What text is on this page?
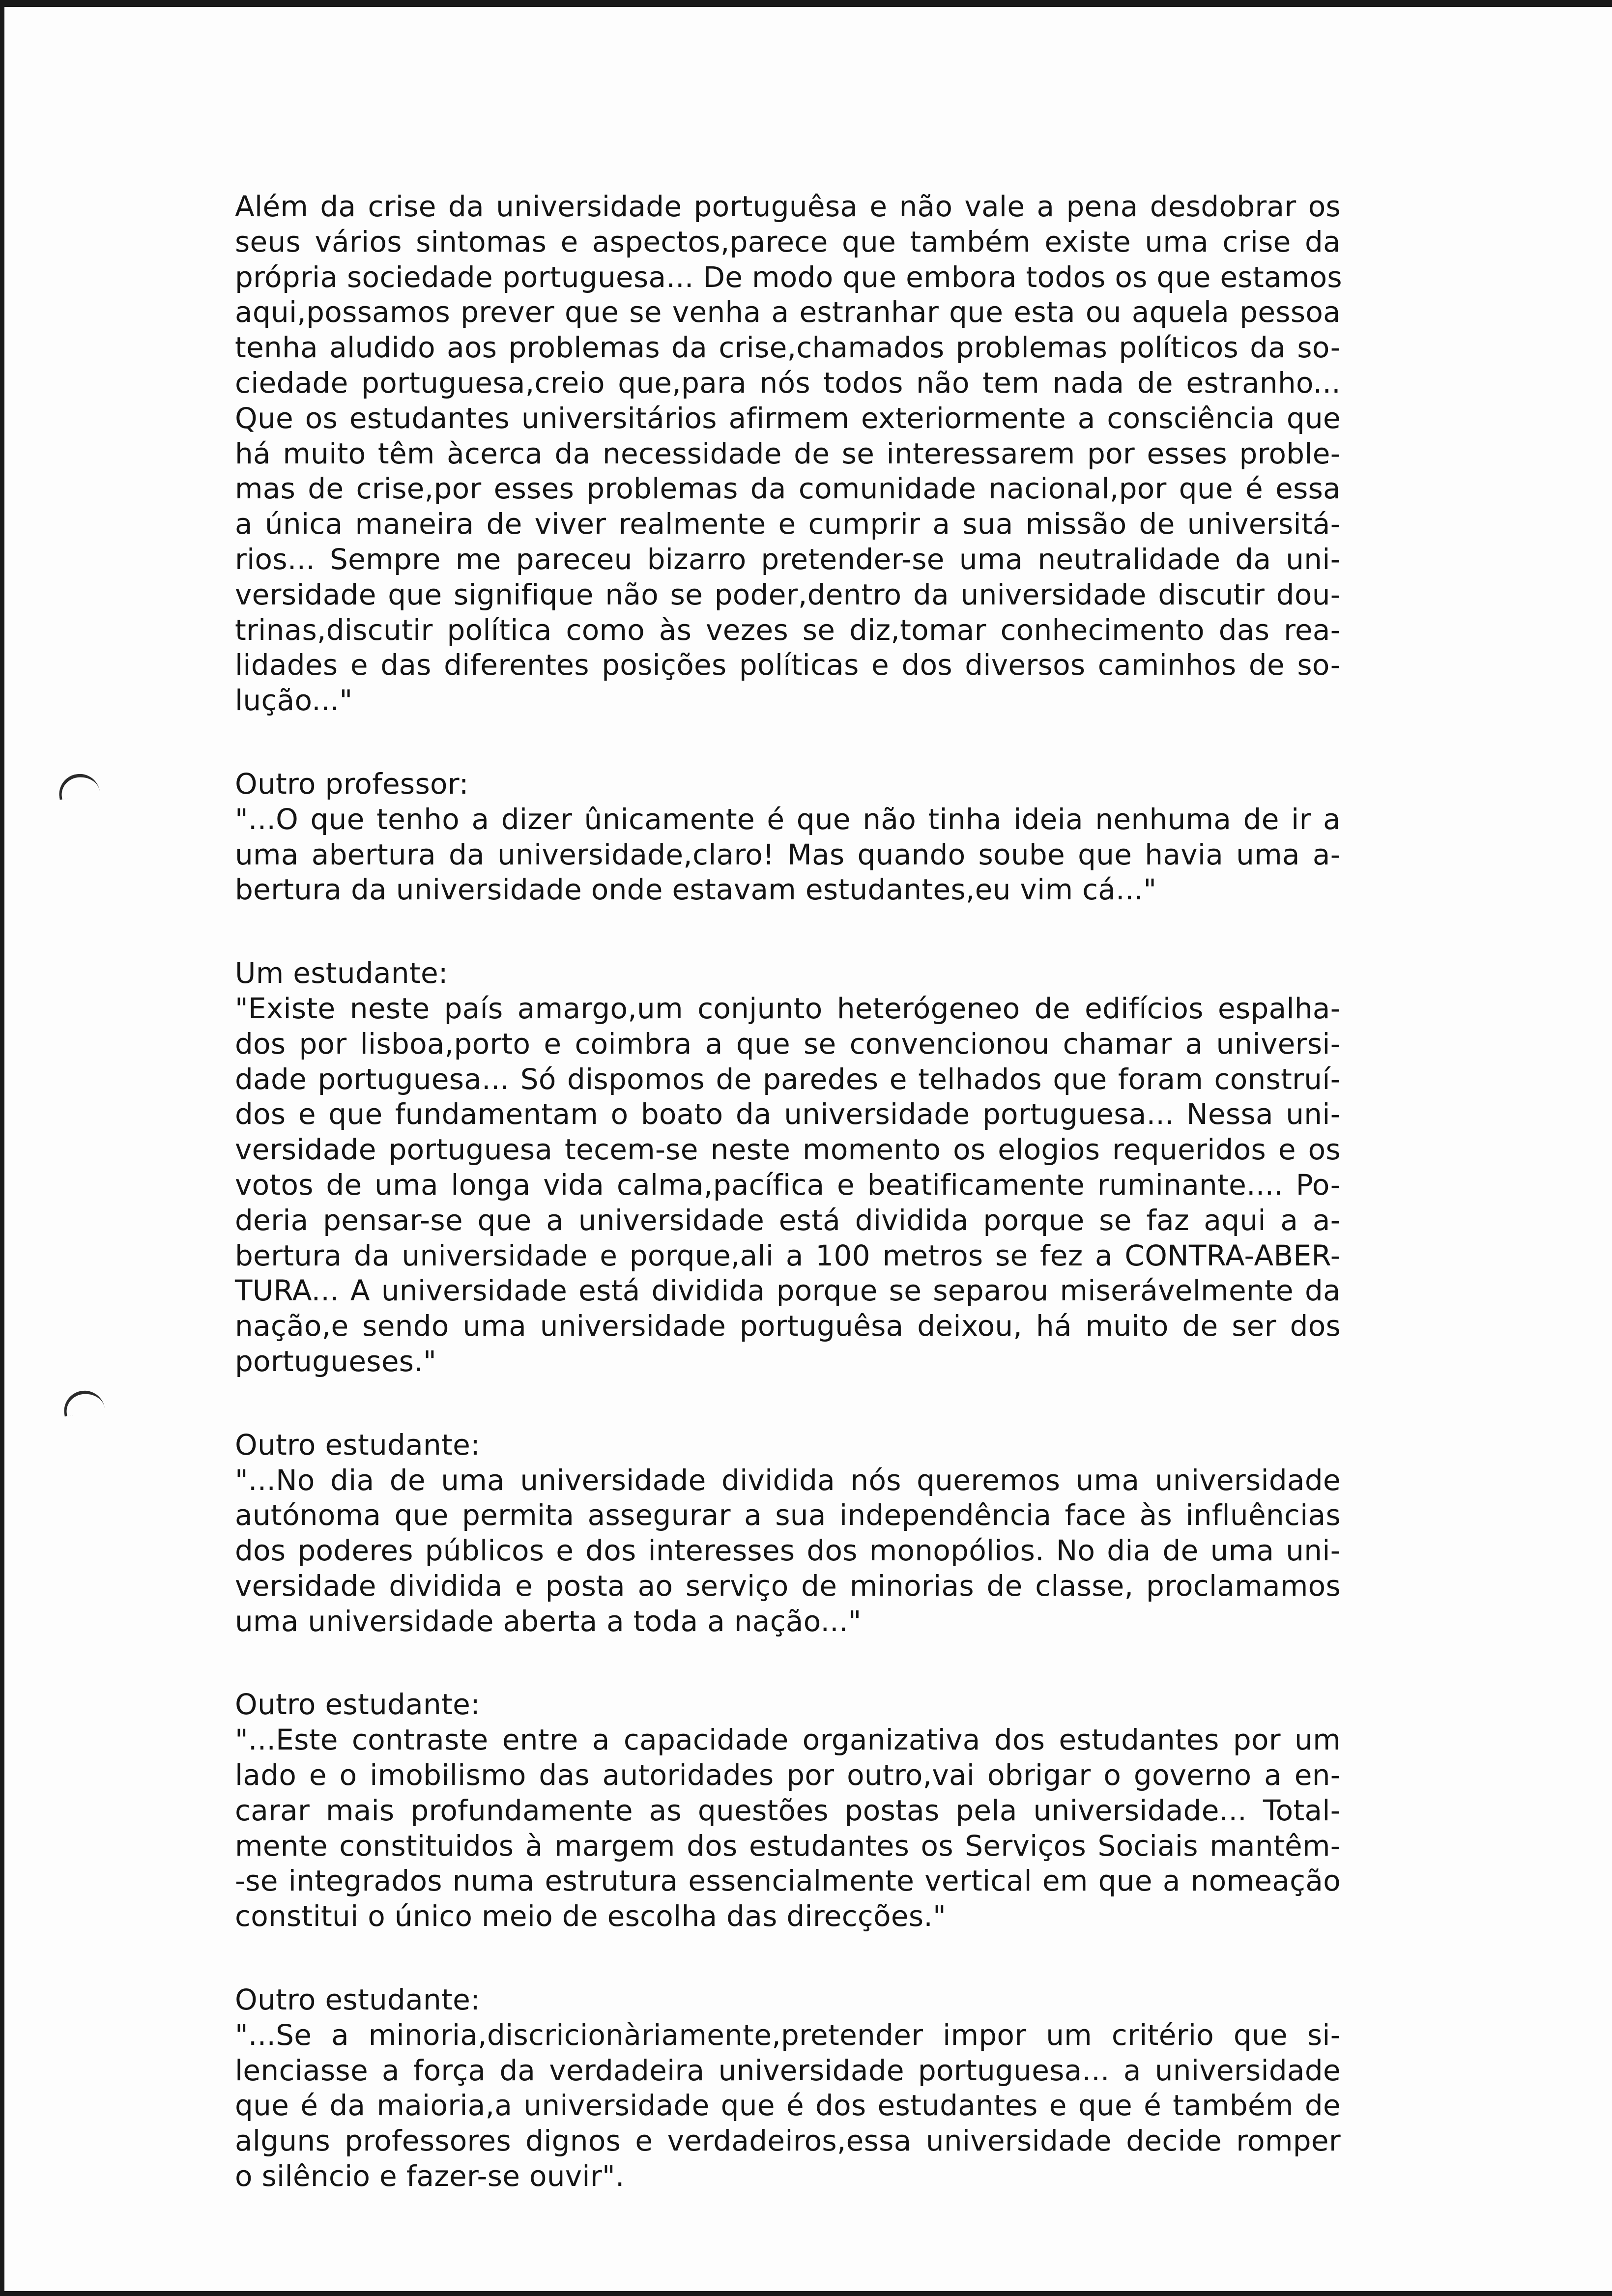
Além da crise da universidade portuguêsa e não vale a pena desdobrar os
seus vários sintomas e aspectos,parece que também existe uma crise da
própria sociedade portuguesa... De modo que embora todos os que estamos
aqui,possamos prever que se venha a estranhar que esta ou aquela pessoa
tenha aludido aos problemas da crise,chamados problemas políticos da so-
ciedade portuguesa,creio que,para nós todos não tem nada de estranho...
Que os estudantes universitários afirmem exteriormente a consciência que
há muito têm àcerca da necessidade de se interessarem por esses proble-
mas de crise,por esses problemas da comunidade nacional,por que é essa
a única maneira de viver realmente e cumprir a sua missão de universitá-
rios... Sempre me pareceu bizarro pretender-se uma neutralidade da uni-
versidade que signifique não se poder,dentro da universidade discutir dou-
trinas,discutir política como às vezes se diz,tomar conhecimento das rea-
lidades e das diferentes posições políticas e dos diversos caminhos de so-
lução..."
Outro professor:
"...O que tenho a dizer ûnicamente é que não tinha ideia nenhuma de ir a
uma abertura da universidade,claro! Mas quando soube que havia uma a-
bertura da universidade onde estavam estudantes,eu vim cá..."
Um estudante:
"Existe neste país amargo,um conjunto heterógeneo de edifícios espalha-
dos por lisboa,porto e coimbra a que se convencionou chamar a universi-
dade portuguesa... Só dispomos de paredes e telhados que foram construí-
dos e que fundamentam o boato da universidade portuguesa... Nessa uni-
versidade portuguesa tecem-se neste momento os elogios requeridos e os
votos de uma longa vida calma,pacífica e beatificamente ruminante.... Po-
deria pensar-se que a universidade está dividida porque se faz aqui a a-
bertura da universidade e porque,ali a 100 metros se fez a CONTRA-ABER-
TURA... A universidade está dividida porque se separou miserávelmente da
nação,e sendo uma universidade portuguêsa deixou, há muito de ser dos
portugueses."
Outro estudante:
"...No dia de uma universidade dividida nós queremos uma universidade
autónoma que permita assegurar a sua independência face às influências
dos poderes públicos e dos interesses dos monopólios. No dia de uma uni-
versidade dividida e posta ao serviço de minorias de classe, proclamamos
uma universidade aberta a toda a nação..."
Outro estudante:
"...Este contraste entre a capacidade organizativa dos estudantes por um
lado e o imobilismo das autoridades por outro,vai obrigar o governo a en-
carar mais profundamente as questões postas pela universidade... Total-
mente constituidos à margem dos estudantes os Serviços Sociais mantêm-
-se integrados numa estrutura essencialmente vertical em que a nomeação
constitui o único meio de escolha das direcções."
Outro estudante:
"...Se a minoria,discricionàriamente,pretender impor um critério que si-
lenciasse a força da verdadeira universidade portuguesa... a universidade
que é da maioria,a universidade que é dos estudantes e que é também de
alguns professores dignos e verdadeiros,essa universidade decide romper
o silêncio e fazer-se ouvir".
